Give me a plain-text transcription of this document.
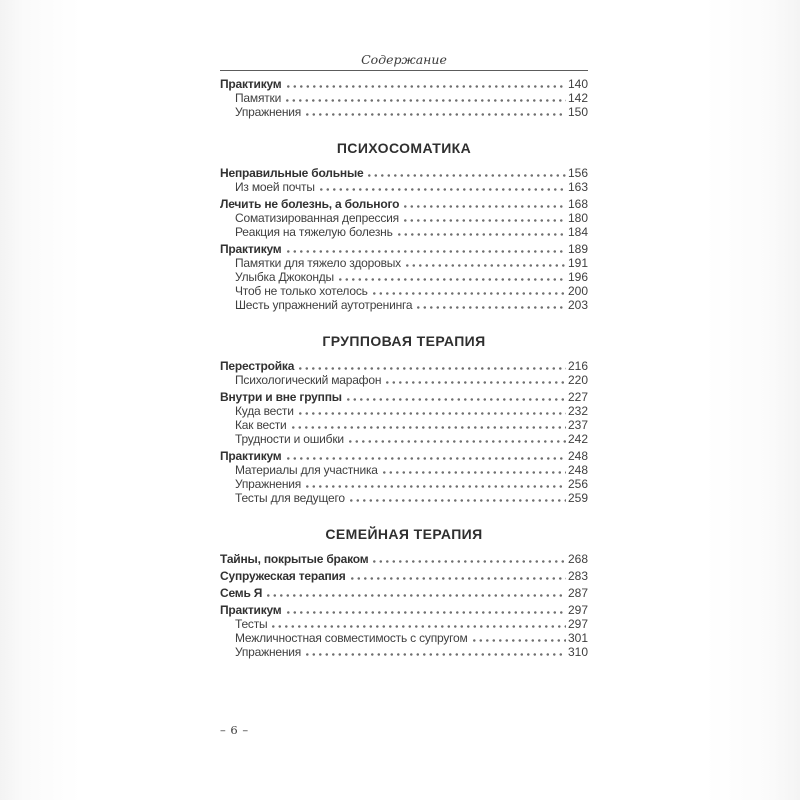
Содержание
Практикум	140
Памятки	142
Упражнения	150
ПСИХОСОМАТИКА
Неправильные больные	156
Из моей почты	163
Лечить не болезнь, а больного	168
Соматизированная депрессия	180
Реакция на тяжелую болезнь	184
Практикум	189
Памятки для тяжело здоровых	191
Улыбка Джоконды	196
Чтоб не только хотелось	200
Шесть упражнений аутотренинга	203
ГРУППОВАЯ ТЕРАПИЯ
Перестройка	216
Психологический марафон	220
Внутри и вне группы	227
Куда вести	232
Как вести	237
Трудности и ошибки	242
Практикум	248
Материалы для участника	248
Упражнения	256
Тесты для ведущего	259
СЕМЕЙНАЯ ТЕРАПИЯ
Тайны, покрытые браком	268
Супружеская терапия	283
Семь Я	287
Практикум	297
Тесты	297
Межличностная совместимость с супругом	301
Упражнения	310
– 6 –
